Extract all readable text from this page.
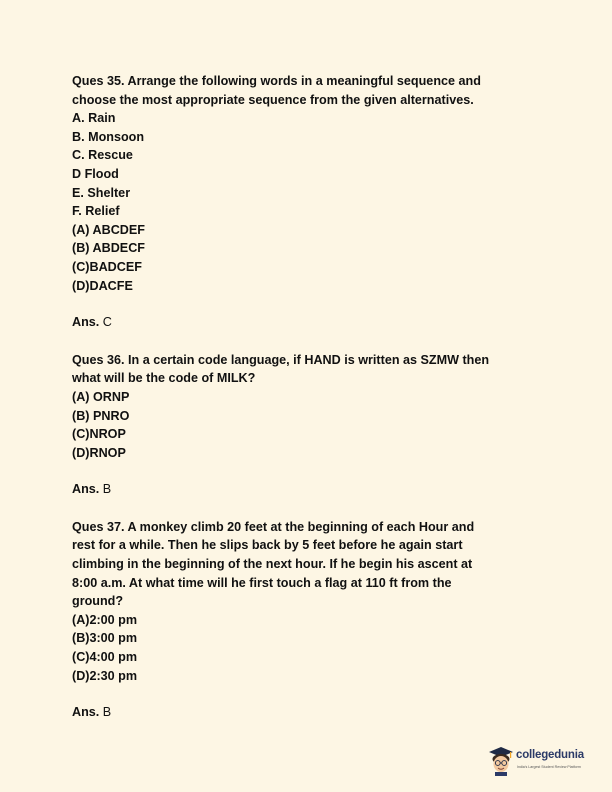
Ques 35. Arrange the following words in a meaningful sequence and
choose the most appropriate sequence from the given alternatives.

A. Rain

B. Monsoon

C. Rescue

D Flood

E. Shelter

F. Relief

(A) ABCDEF

(B) ABDECF

(C)BADCEF

(D)DACFE

Ans. C

Ques 36. In a certain code language, if HAND is written as SZMW then
what will be the code of MILK?

(A) ORNP

(B) PNRO

(C)NROP

(D)RNOP

Ans. B

Ques 37. A monkey climb 20 feet at the beginning of each Hour and
rest for a while. Then he slips back by 5 feet before he again start
climbing in the beginning of the next hour. If he begin his ascent at
8:00 a.m. At what time will he first touch a flag at 110 ft from the
ground?

(A)2:00 pm

(B)3:00 pm

(C)4:00 pm

(D)2:30 pm

Ans. B

collegedunia
India's Largest Student Review Platform
